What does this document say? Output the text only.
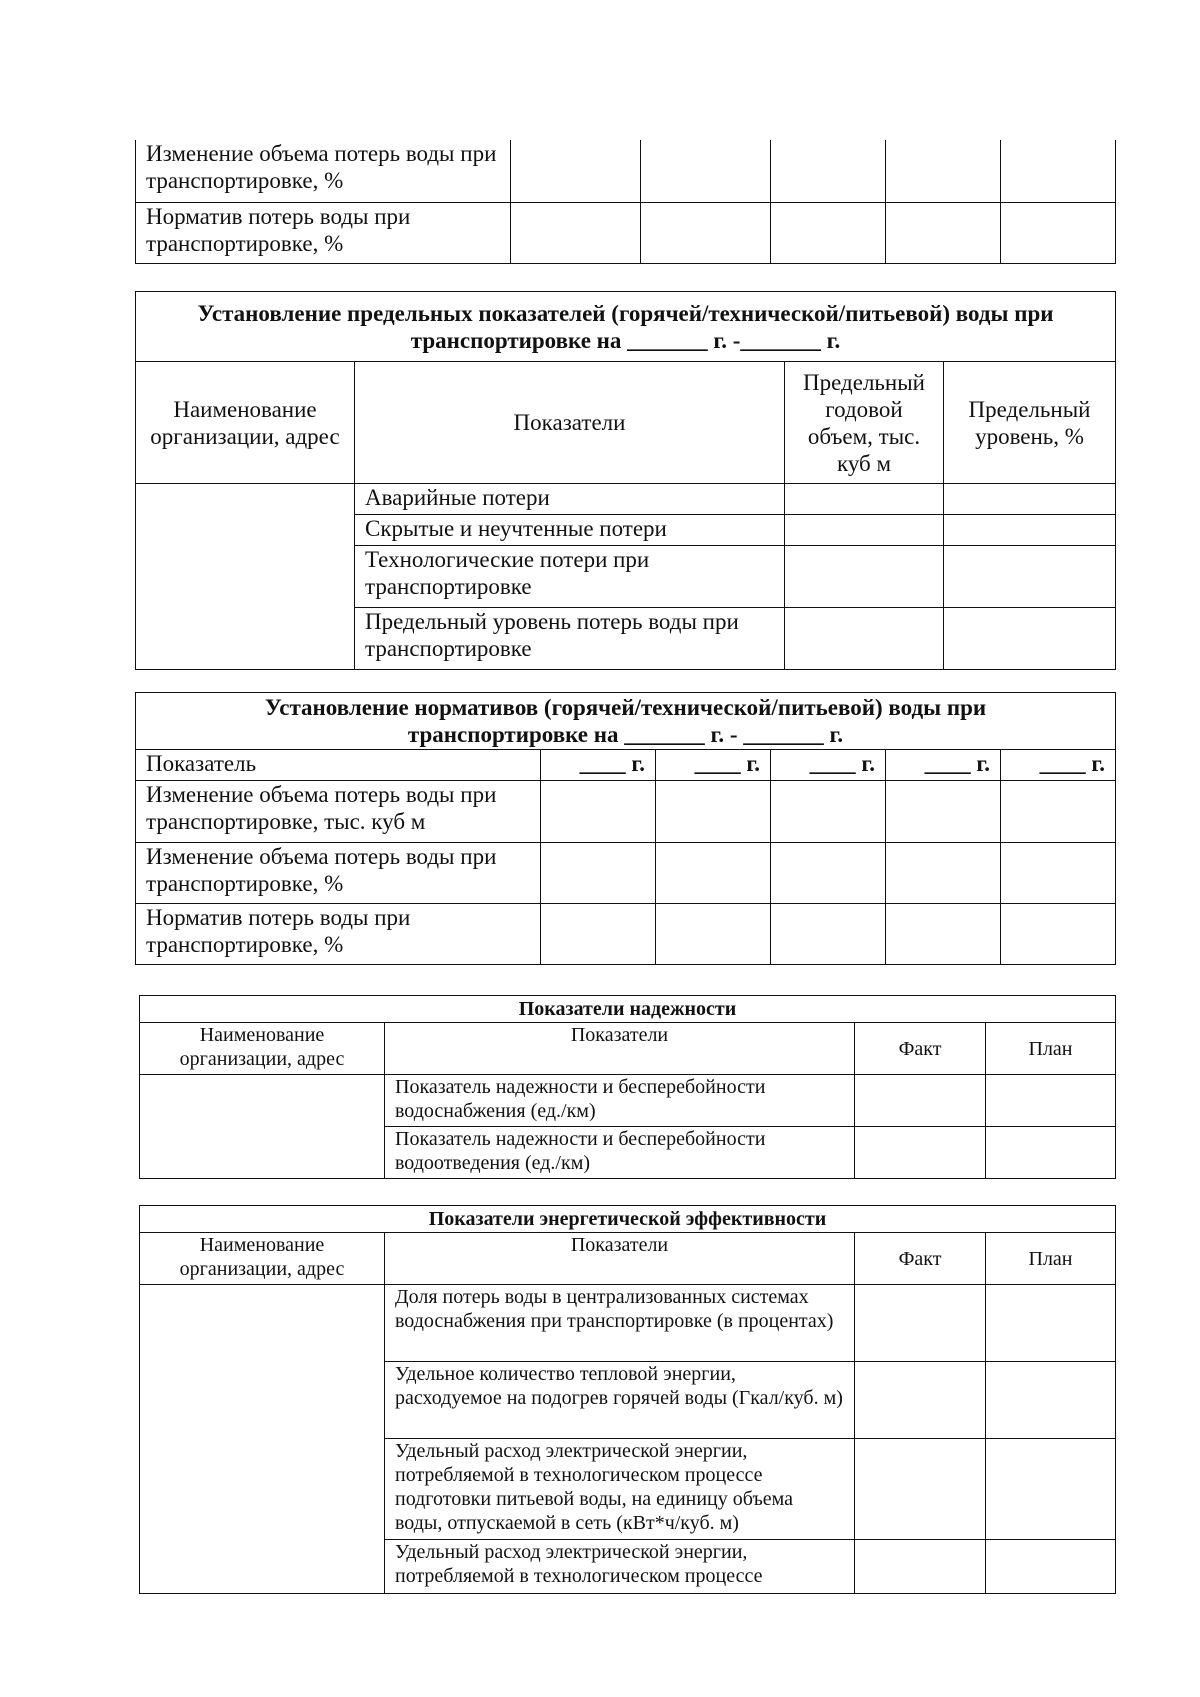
Изменение объема потерь воды при транспортировке, %					
Норматив потерь воды при транспортировке, %					
Установление предельных показателей (горячей/технической/питьевой) воды при
транспортировке на _______ г. -_______ г.			

Наименование организации, адрес	Показатели	Предельный годовой объем, тыс. куб м	Предельный уровень, %
	Аварийные потери		
	Скрытые и неучтенные потери		
	Технологические потери при транспортировке		
	Предельный уровень потерь воды при транспортировке		
Установление нормативов (горячей/технической/питьевой) воды при
транспортировке на _______ г. - _______ г.					

Показатель	____ г.	____ г.	____ г.	____ г.	____ г.
Изменение объема потерь воды при транспортировке, тыс. куб м					
Изменение объема потерь воды при транспортировке, %					
Норматив потерь воды при транспортировке, %					
Показатели надежности			
Наименование организации, адрес	Показатели	Факт	План
	Показатель надежности и бесперебойности водоснабжения (ед./км)		
	Показатель надежности и бесперебойности водоотведения (ед./км)		
Показатели энергетической эффективности			
Наименование организации, адрес	Показатели	Факт	План
	Доля потерь воды в централизованных системах водоснабжения при транспортировке (в процентах)		
	Удельное количество тепловой энергии, расходуемое на подогрев горячей воды (Гкал/куб. м)		
	Удельный расход электрической энергии, потребляемой в технологическом процессе подготовки питьевой воды, на единицу объема воды, отпускаемой в сеть (кВт*ч/куб. м)		
	Удельный расход электрической энергии, потребляемой в технологическом процессе		
